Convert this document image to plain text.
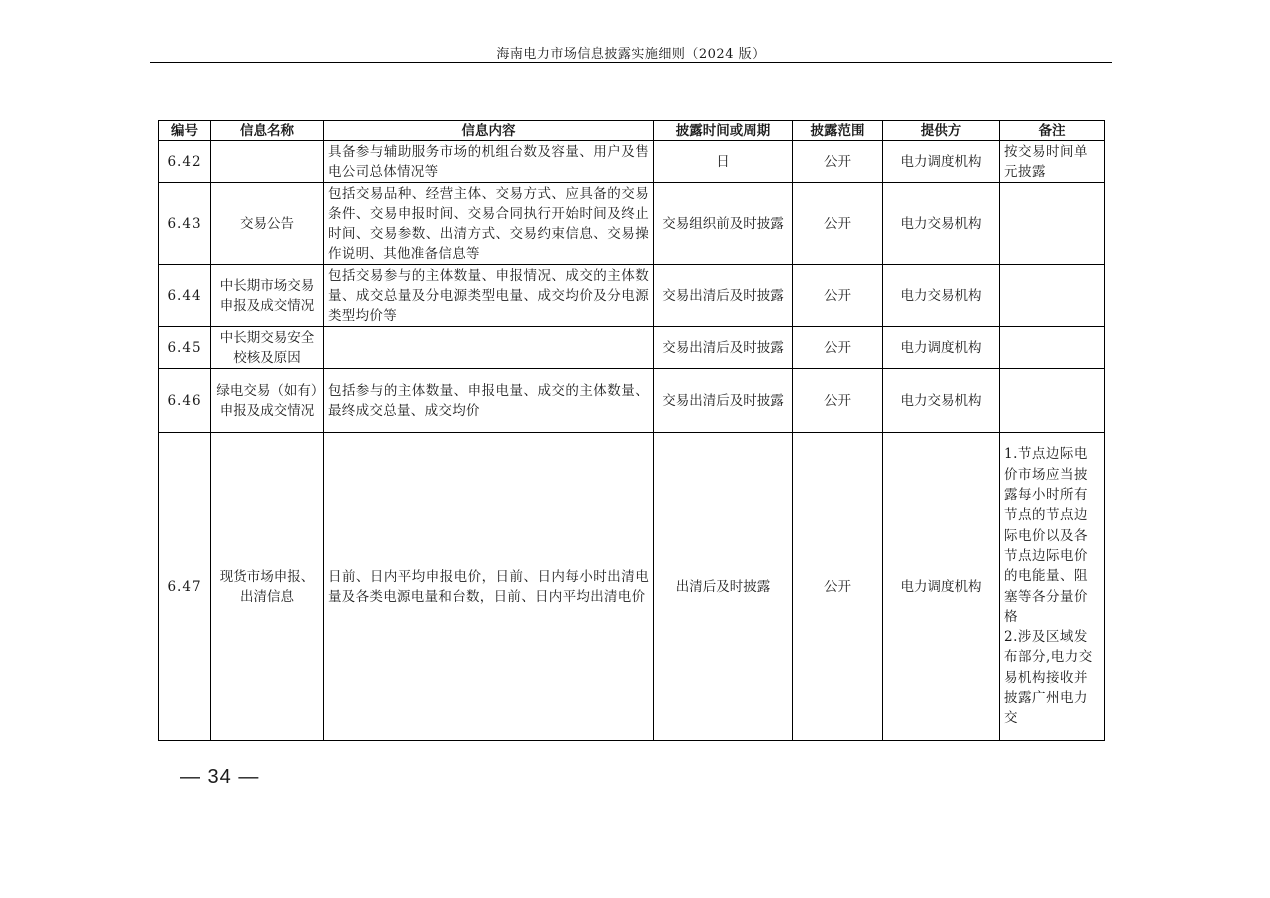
海南电力市场信息披露实施细则（2024 版）
编号	信息名称	信息内容	披露时间或周期	披露范围	提供方	备注
6.42		具备参与辅助服务市场的机组台数及容量、用户及售电公司总体情况等	日	公开	电力调度机构	按交易时间单元披露
6.43	交易公告	包括交易品种、经营主体、交易方式、应具备的交易条件、交易申报时间、交易合同执行开始时间及终止时间、交易参数、出清方式、交易约束信息、交易操作说明、其他准备信息等	交易组织前及时披露	公开	电力交易机构	
6.44	中长期市场交易申报及成交情况	包括交易参与的主体数量、申报情况、成交的主体数量、成交总量及分电源类型电量、成交均价及分电源类型均价等	交易出清后及时披露	公开	电力交易机构	
6.45	中长期交易安全校核及原因		交易出清后及时披露	公开	电力调度机构	
6.46	绿电交易（如有）申报及成交情况	包括参与的主体数量、申报电量、成交的主体数量、最终成交总量、成交均价	交易出清后及时披露	公开	电力交易机构	
6.47	现货市场申报、出清信息	日前、日内平均申报电价，日前、日内每小时出清电量及各类电源电量和台数，日前、日内平均出清电价	出清后及时披露	公开	电力调度机构	1.节点边际电价市场应当披露每小时所有节点的节点边际电价以及各节点边际电价的电能量、阻塞等各分量价格
2.涉及区域发布部分,电力交易机构接收并披露广州电力交
— 34 —
